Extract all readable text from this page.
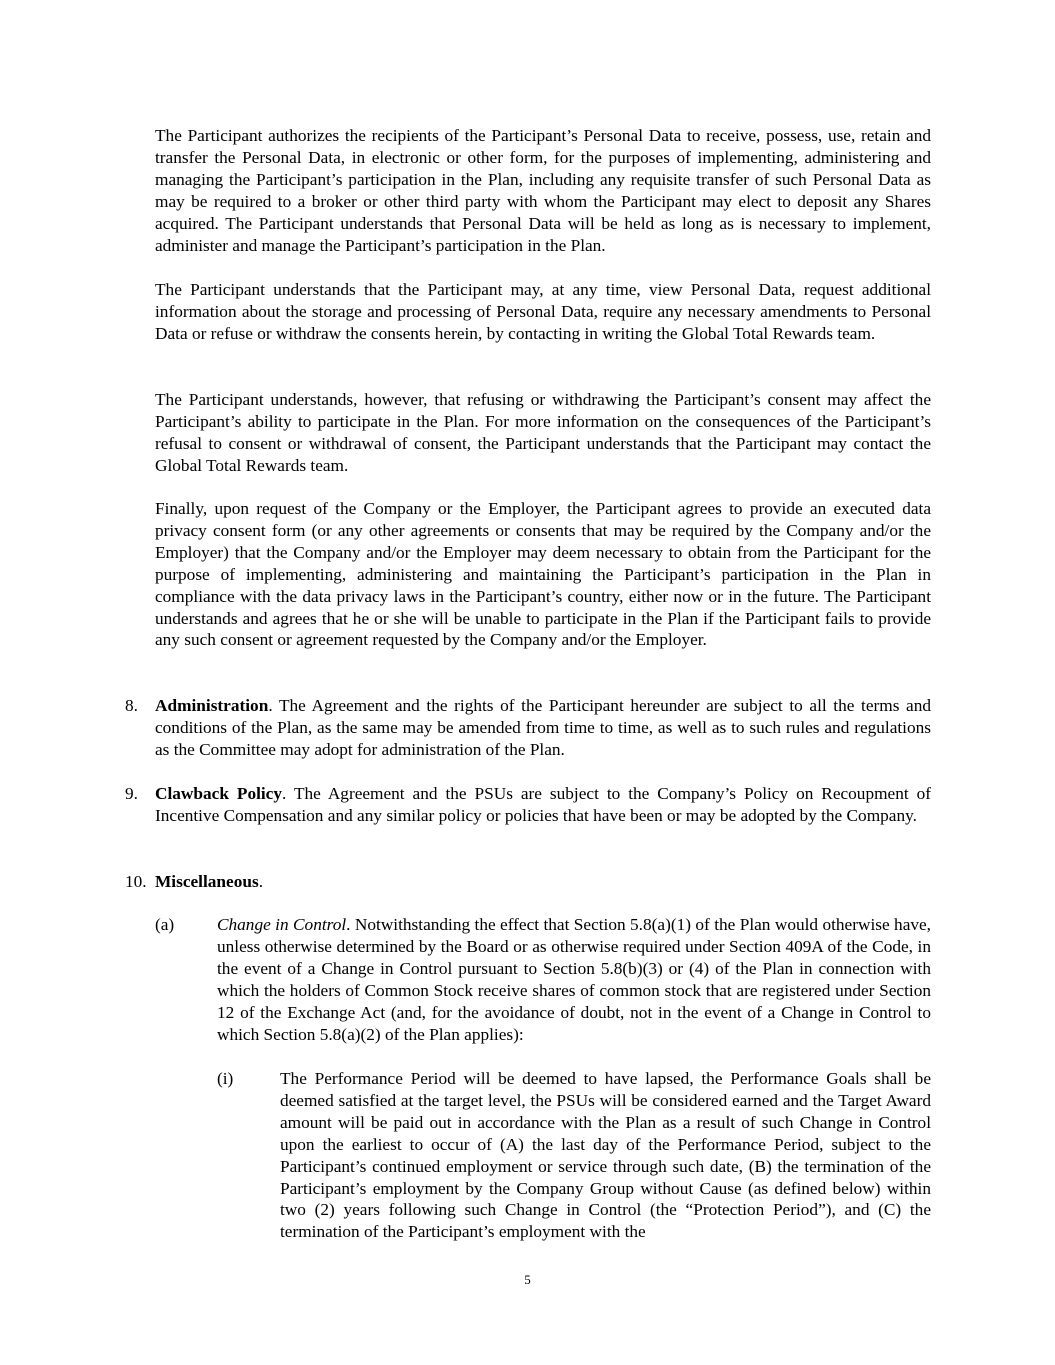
The Participant authorizes the recipients of the Participant’s Personal Data to receive, possess, use, retain and transfer the Personal Data, in electronic or other form, for the purposes of implementing, administering and managing the Participant’s participation in the Plan, including any requisite transfer of such Personal Data as may be required to a broker or other third party with whom the Participant may elect to deposit any Shares acquired. The Participant understands that Personal Data will be held as long as is necessary to implement, administer and manage the Participant’s participation in the Plan.

The Participant understands that the Participant may, at any time, view Personal Data, request additional information about the storage and processing of Personal Data, require any necessary amendments to Personal Data or refuse or withdraw the consents herein, by contacting in writing the Global Total Rewards team.

The Participant understands, however, that refusing or withdrawing the Participant’s consent may affect the Participant’s ability to participate in the Plan. For more information on the consequences of the Participant’s refusal to consent or withdrawal of consent, the Participant understands that the Participant may contact the Global Total Rewards team.

Finally, upon request of the Company or the Employer, the Participant agrees to provide an executed data privacy consent form (or any other agreements or consents that may be required by the Company and/or the Employer) that the Company and/or the Employer may deem necessary to obtain from the Participant for the purpose of implementing, administering and maintaining the Participant’s participation in the Plan in compliance with the data privacy laws in the Participant’s country, either now or in the future. The Participant understands and agrees that he or she will be unable to participate in the Plan if the Participant fails to provide any such consent or agreement requested by the Company and/or the Employer.

8. Administration. The Agreement and the rights of the Participant hereunder are subject to all the terms and conditions of the Plan, as the same may be amended from time to time, as well as to such rules and regulations as the Committee may adopt for administration of the Plan.

9. Clawback Policy. The Agreement and the PSUs are subject to the Company’s Policy on Recoupment of Incentive Compensation and any similar policy or policies that have been or may be adopted by the Company.

10. Miscellaneous.

(a) Change in Control. Notwithstanding the effect that Section 5.8(a)(1) of the Plan would otherwise have, unless otherwise determined by the Board or as otherwise required under Section 409A of the Code, in the event of a Change in Control pursuant to Section 5.8(b)(3) or (4) of the Plan in connection with which the holders of Common Stock receive shares of common stock that are registered under Section 12 of the Exchange Act (and, for the avoidance of doubt, not in the event of a Change in Control to which Section 5.8(a)(2) of the Plan applies):

(i)	The Performance Period will be deemed to have lapsed, the Performance Goals shall be deemed satisfied at the target level, the PSUs will be considered earned and the Target Award amount will be paid out in accordance with the Plan as a result of such Change in Control upon the earliest to occur of (A) the last day of the Performance Period, subject to the Participant’s continued employment or service through such date, (B) the termination of the Participant’s employment by the Company Group without Cause (as defined below) within two (2) years following such Change in Control (the “Protection Period”), and (C) the termination of the Participant’s employment with the

5
